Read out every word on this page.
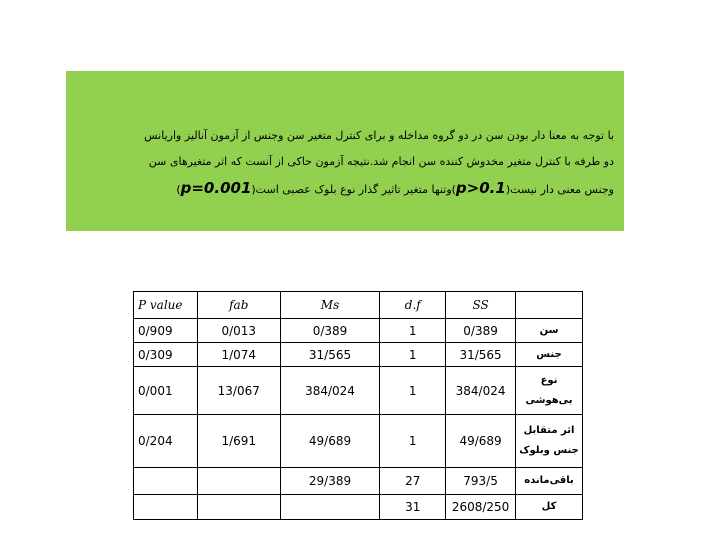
با توجه به معنا دار بودن سن در دو گروه مداخله و برای کنترل متغیر سن وجنس از آزمون آنالیز واریانس

دو طرفه با کنترل متغیر مخدوش کننده سن انجام شد.نتیجه آزمون حاکی از آنست که اثر متغیرهای سن

وجنس معنی دار نیست(p>0.1)وتنها متغیر تاثیر گذار نوع بلوک عصبی است(p=0.001)

P value	fab	Ms	d.f	SS	
0/909	0/013	0/389	1	0/389	سن
0/309	1/074	31/565	1	31/565	جنس
0/001	13/067	384/024	1	384/024	نوع بی‌هوشی
0/204	1/691	49/689	1	49/689	اثر متقابل جنس وبلوک
		29/389	27	793/5	باقی‌مانده
			31	2608/250	کل
